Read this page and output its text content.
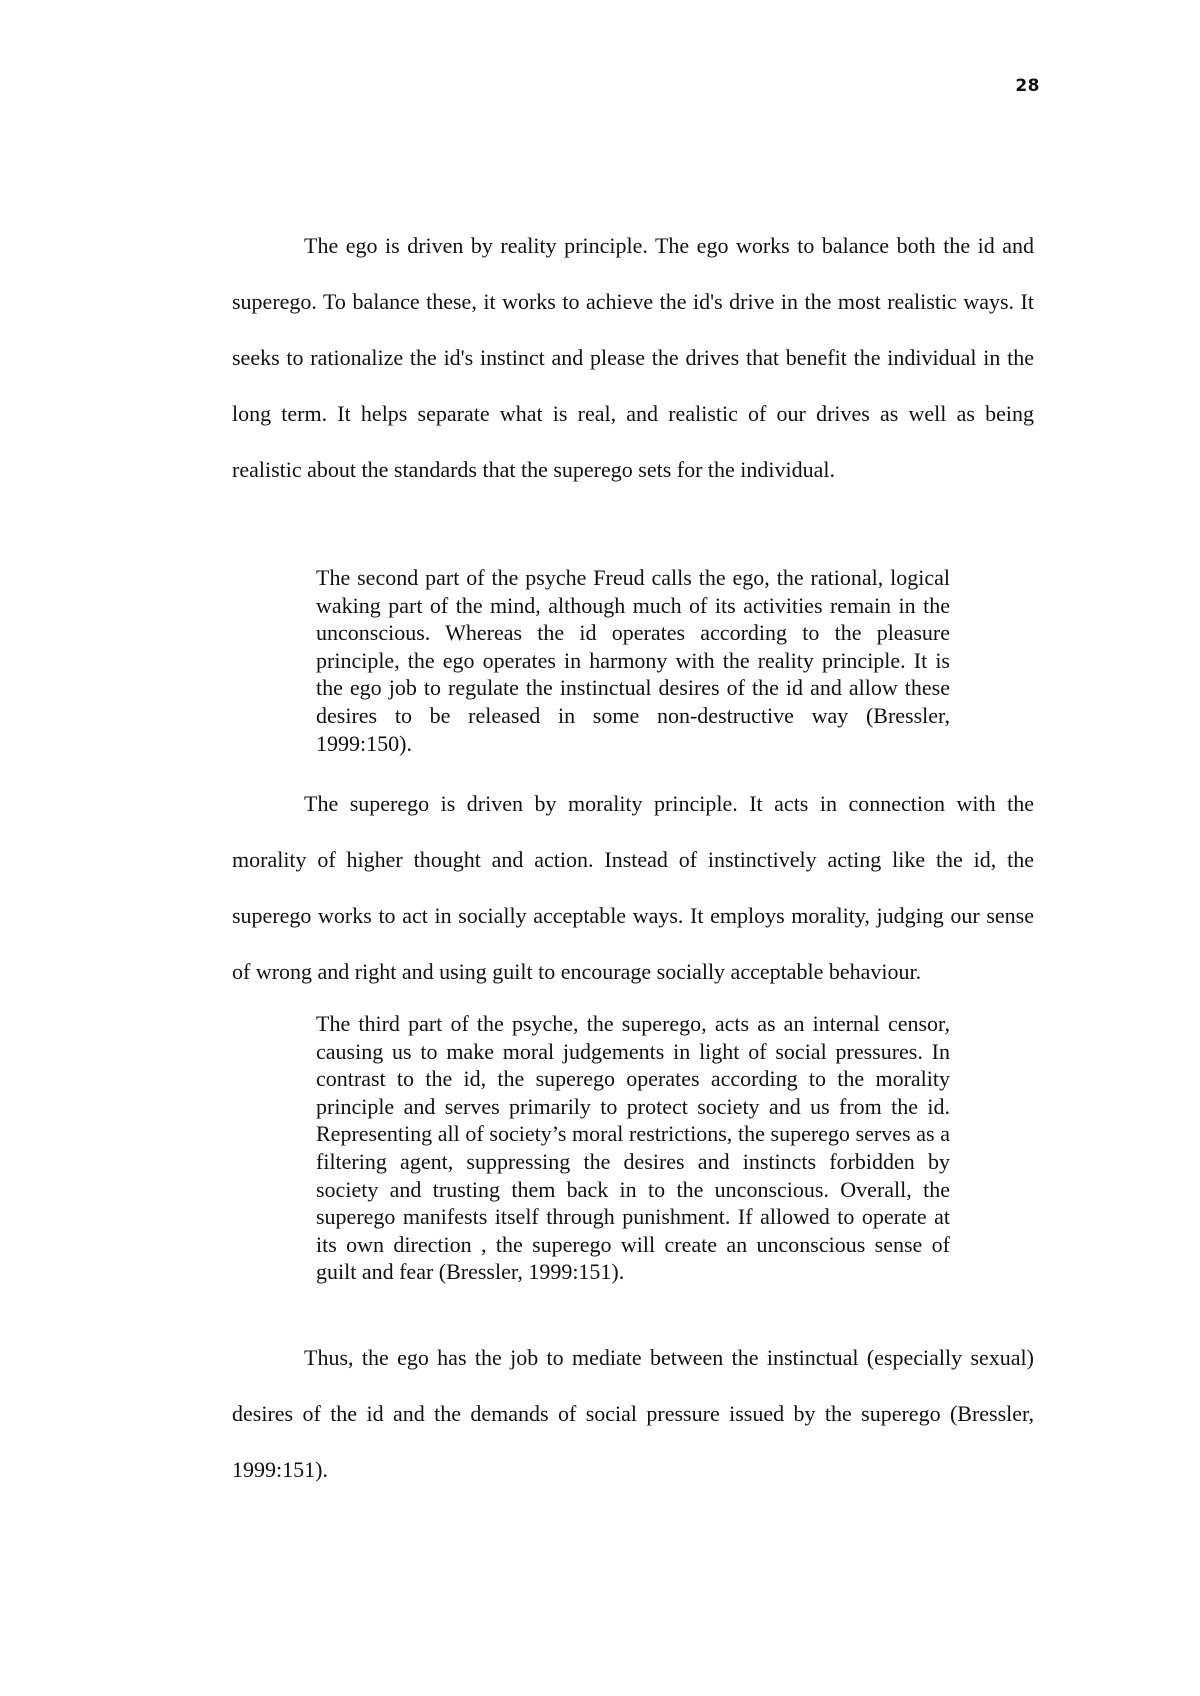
28

The ego is driven by reality principle. The ego works to balance both the id and superego. To balance these, it works to achieve the id's drive in the most realistic ways. It seeks to rationalize the id's instinct and please the drives that benefit the individual in the long term. It helps separate what is real, and realistic of our drives as well as being realistic about the standards that the superego sets for the individual.

The second part of the psyche Freud calls the ego, the rational, logical waking part of the mind, although much of its activities remain in the unconscious. Whereas the id operates according to the pleasure principle, the ego operates in harmony with the reality principle. It is the ego job to regulate the instinctual desires of the id and allow these desires to be released in some non-destructive way (Bressler, 1999:150).

The superego is driven by morality principle. It acts in connection with the morality of higher thought and action. Instead of instinctively acting like the id, the superego works to act in socially acceptable ways. It employs morality, judging our sense of wrong and right and using guilt to encourage socially acceptable behaviour.

The third part of the psyche, the superego, acts as an internal censor, causing us to make moral judgements in light of social pressures. In contrast to the id, the superego operates according to the morality principle and serves primarily to protect society and us from the id. Representing all of society’s moral restrictions, the superego serves as a filtering agent, suppressing the desires and instincts forbidden by society and trusting them back in to the unconscious. Overall, the superego manifests itself through punishment. If allowed to operate at its own direction , the superego will create an unconscious sense of guilt and fear (Bressler, 1999:151).

Thus, the ego has the job to mediate between the instinctual (especially sexual) desires of the id and the demands of social pressure issued by the superego (Bressler, 1999:151).
